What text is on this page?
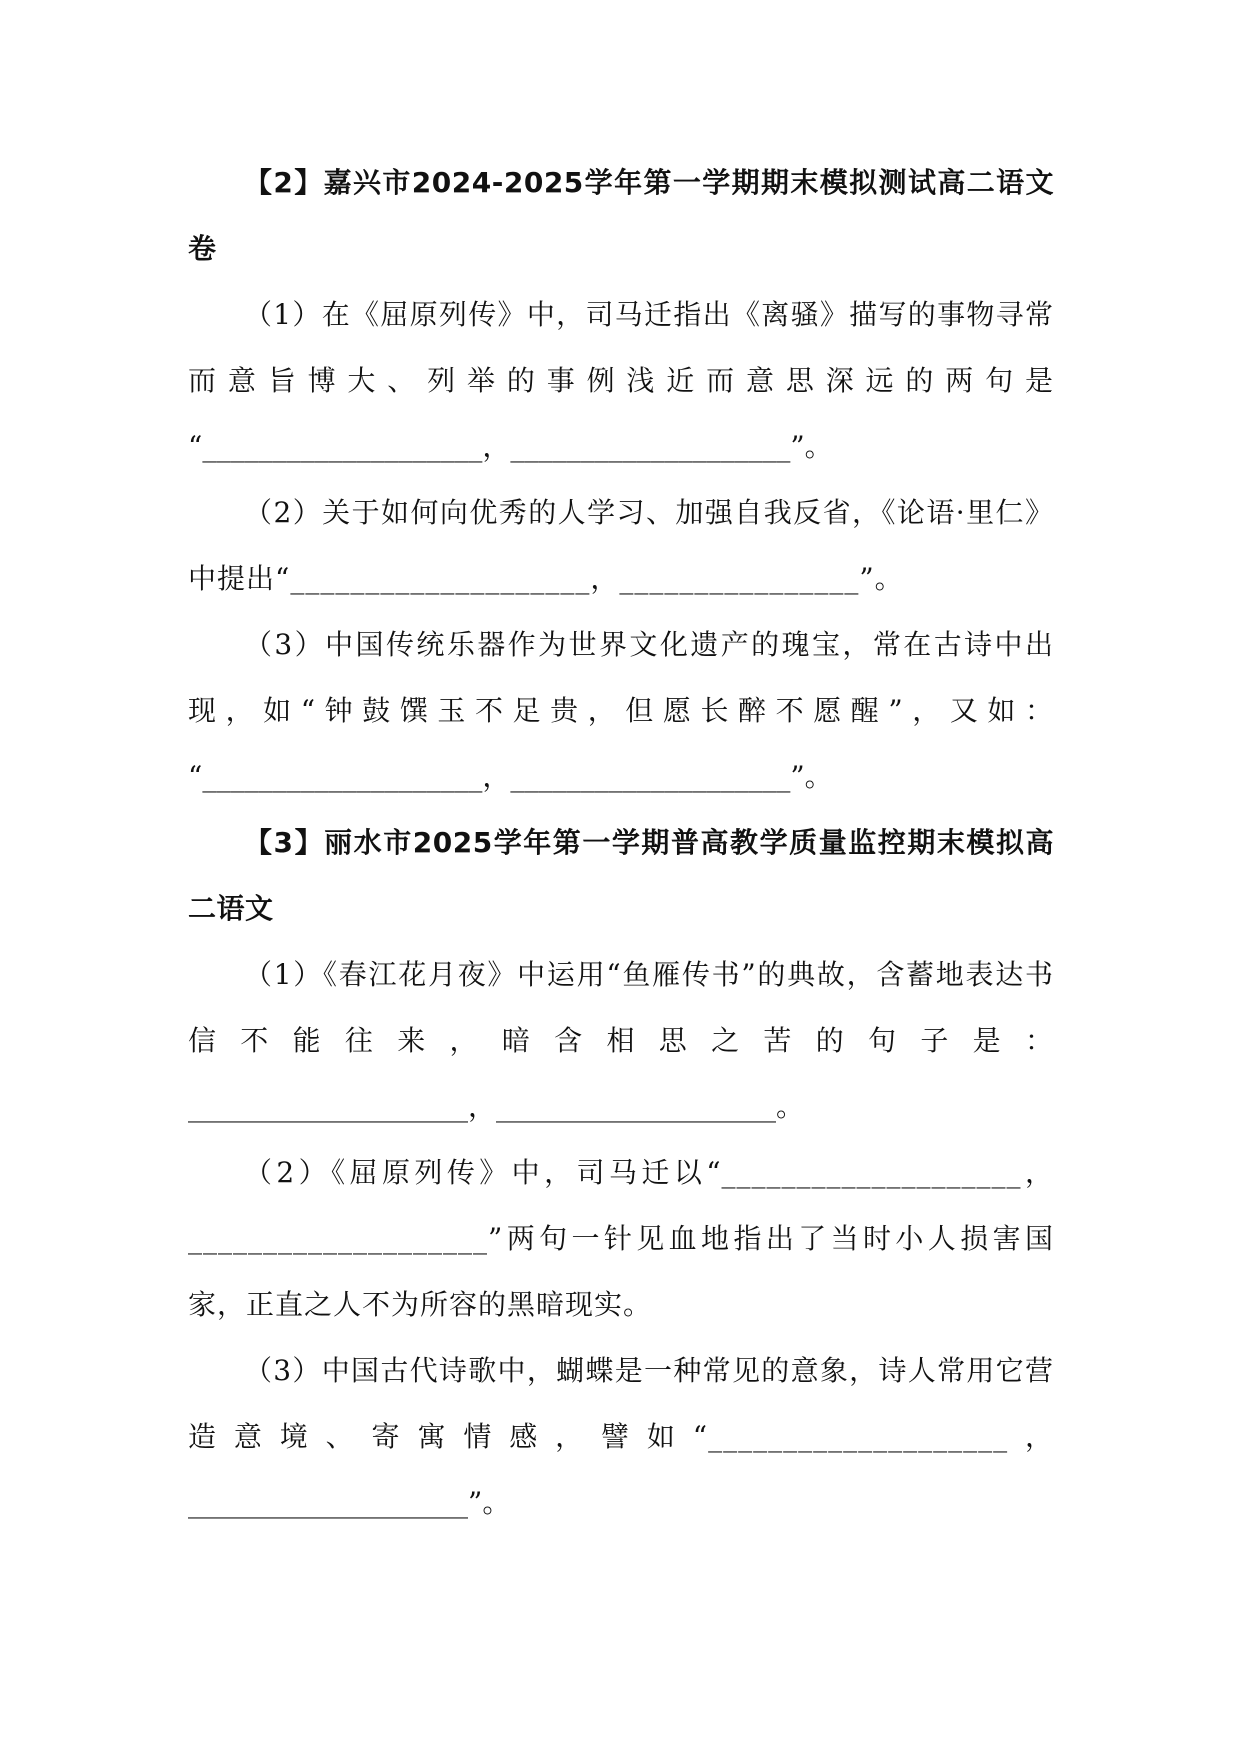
【2】嘉兴市2024-2025学年第一学期期末模拟测试高二语文卷

（1）在《屈原列传》中，司马迁指出《离骚》描写的事物寻常而意旨博大、列举的事例浅近而意思深远的两句是

“____________________，____________________”。

（2）关于如何向优秀的人学习、加强自我反省，《论语·里仁》中提出“____________________，________________”。

（3）中国传统乐器作为世界文化遗产的瑰宝，常在古诗中出现，如“钟鼓馔玉不足贵，但愿长醉不愿醒”，又如：

“____________________，____________________”。

【3】丽水市2025学年第一学期普高教学质量监控期末模拟高二语文

（1）《春江花月夜》中运用“鱼雁传书”的典故，含蓄地表达书信不能往来，暗含相思之苦的句子是：

____________________，____________________。

（2）《屈原列传》中，司马迁以“____________________，____________________”两句一针见血地指出了当时小人损害国家，正直之人不为所容的黑暗现实。

（3）中国古代诗歌中，蝴蝶是一种常见的意象，诗人常用它营造意境、寄寓情感，譬如“____________________，

____________________”。
